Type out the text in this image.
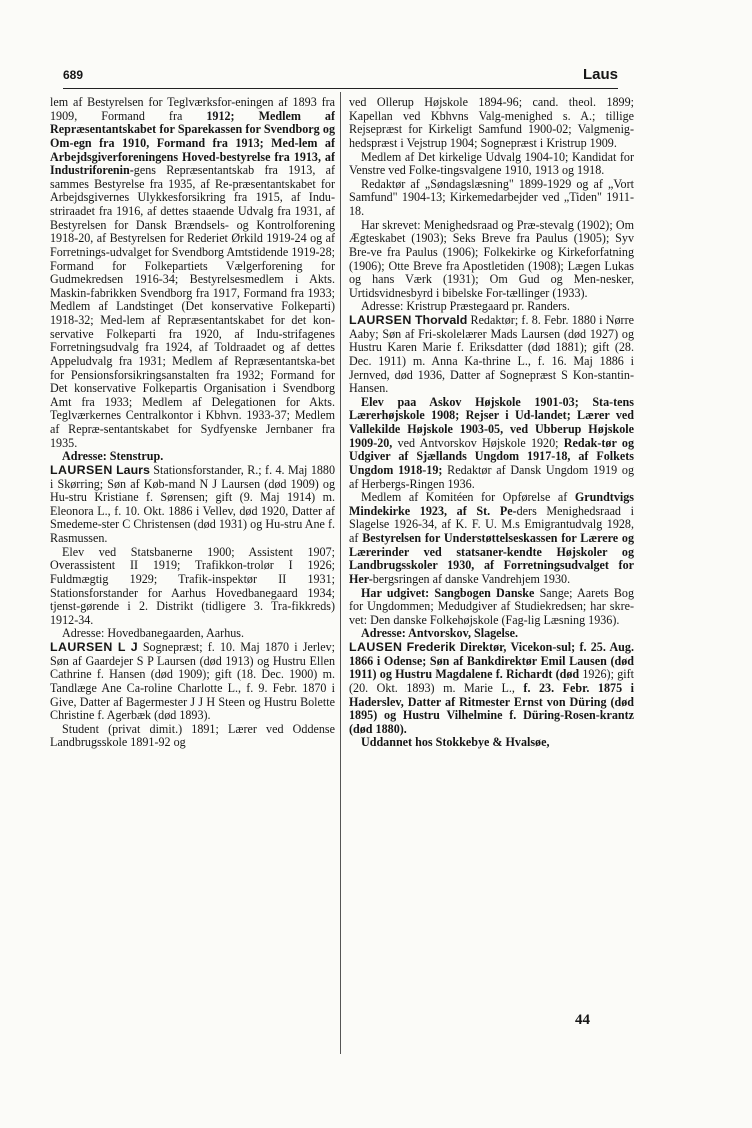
689	Laus

lem af Bestyrelsen for Teglværksfor-eningen af 1893 fra 1909, Formand fra 1912; Medlem af Repræsentantskabet for Sparekassen for Svendborg og Om-egn fra 1910, Formand fra 1913; Med-lem af Arbejdsgiverforeningens Hoved-bestyrelse fra 1913, af Industriforenin-gens Repræsentantskab fra 1913, af sammes Bestyrelse fra 1935, af Re-præsentantskabet for Arbejdsgivernes Ulykkesforsikring fra 1915, af Indu-striraadet fra 1916, af dettes staaende Udvalg fra 1931, af Bestyrelsen for Dansk Brændsels- og Kontrolforening 1918-20, af Bestyrelsen for Rederiet Ørkild 1919-24 og af Forretnings-udvalget for Svendborg Amtstidende 1919-28; Formand for Folkepartiets Vælgerforening for Gudmekredsen 1916-34; Bestyrelsesmedlem i Akts. Maskin-fabrikken Svendborg fra 1917, Formand fra 1933; Medlem af Landstinget (Det konservative Folkeparti) 1918-32; Med-lem af Repræsentantskabet for det kon-servative Folkeparti fra 1920, af Indu-strifagenes Forretningsudvalg fra 1924, af Toldraadet og af dettes Appeludvalg fra 1931; Medlem af Repræsentantska-bet for Pensionsforsikringsanstalten fra 1932; Formand for Det konservative Folkepartis Organisation i Svendborg Amt fra 1933; Medlem af Delegationen for Akts. Teglværkernes Centralkontor i Kbhvn. 1933-37; Medlem af Repræ-sentantskabet for Sydfyenske Jernbaner fra 1935.

Adresse: Stenstrup.

LAURSEN Laurs Stationsforstander, R.; f. 4. Maj 1880 i Skørring; Søn af Køb-mand N J Laursen (død 1909) og Hu-stru Kristiane f. Sørensen; gift (9. Maj 1914) m. Eleonora L., f. 10. Okt. 1886 i Vellev, død 1920, Datter af Smedeme-ster C Christensen (død 1931) og Hu-stru Ane f. Rasmussen.

Elev ved Statsbanerne 1900; Assistent 1907; Overassistent II 1919; Trafikkon-trolør I 1926; Fuldmægtig 1929; Trafik-inspektør II 1931; Stationsforstander for Aarhus Hovedbanegaard 1934; tjenst-gørende i 2. Distrikt (tidligere 3. Tra-fikkreds) 1912-34.

Adresse: Hovedbanegaarden, Aarhus.

LAURSEN L J Sognepræst; f. 10. Maj 1870 i Jerlev; Søn af Gaardejer S P Laursen (død 1913) og Hustru Ellen Cathrine f. Hansen (død 1909); gift (18. Dec. 1900) m. Tandlæge Ane Ca-roline Charlotte L., f. 9. Febr. 1870 i Give, Datter af Bagermester J J H Steen og Hustru Bolette Christine f. Agerbæk (død 1893).

Student (privat dimit.) 1891; Lærer ved Oddense Landbrugsskole 1891-92 og

ved Ollerup Højskole 1894-96; cand. theol. 1899; Kapellan ved Kbhvns Valg-menighed s. A.; tillige Rejsepræst for Kirkeligt Samfund 1900-02; Valgmenig-hedspræst i Vejstrup 1904; Sognepræst i Kristrup 1909.

Medlem af Det kirkelige Udvalg 1904-10; Kandidat for Venstre ved Folke-tingsvalgene 1910, 1913 og 1918.

Redaktør af „Søndagslæsning" 1899-1929 og af „Vort Samfund" 1904-13; Kirkemedarbejder ved „Tiden" 1911-18.

Har skrevet: Menighedsraad og Præ-stevalg (1902); Om Ægteskabet (1903); Seks Breve fra Paulus (1905); Syv Bre-ve fra Paulus (1906); Folkekirke og Kirkeforfatning (1906); Otte Breve fra Apostletiden (1908); Lægen Lukas og hans Værk (1931); Om Gud og Men-nesker, Urtidsvidnesbyrd i bibelske For-tællinger (1933).

Adresse: Kristrup Præstegaard pr. Randers.

LAURSEN Thorvald Redaktør; f. 8. Febr. 1880 i Nørre Aaby; Søn af Fri-skolelærer Mads Laursen (død 1927) og Hustru Karen Marie f. Eriksdatter (død 1881); gift (28. Dec. 1911) m. Anna Ka-thrine L., f. 16. Maj 1886 i Jernved, død 1936, Datter af Sognepræst S Kon-stantin-Hansen.

Elev paa Askov Højskole 1901-03; Sta-tens Lærerhøjskole 1908; Rejser i Ud-landet; Lærer ved Vallekilde Højskole 1903-05, ved Ubberup Højskole 1909-20, ved Antvorskov Højskole 1920; Redak-tør og Udgiver af Sjællands Ungdom 1917-18, af Folkets Ungdom 1918-19; Redaktør af Dansk Ungdom 1919 og af Herbergs-Ringen 1936.

Medlem af Komitéen for Opførelse af Grundtvigs Mindekirke 1923, af St. Pe-ders Menighedsraad i Slagelse 1926-34, af K. F. U. M.s Emigrantudvalg 1928, af Bestyrelsen for Understøttelseskassen for Lærere og Lærerinder ved statsaner-kendte Højskoler og Landbrugsskoler 1930, af Forretningsudvalget for Her-bergsringen af danske Vandrehjem 1930.

Har udgivet: Sangbogen Danske Sange; Aarets Bog for Ungdommen; Medudgiver af Studiekredsen; har skre-vet: Den danske Folkehøjskole (Fag-lig Læsning 1936).

Adresse: Antvorskov, Slagelse.

LAUSEN Frederik Direktør, Vicekon-sul; f. 25. Aug. 1866 i Odense; Søn af Bankdirektør Emil Lausen (død 1911) og Hustru Magdalene f. Richardt (død 1926); gift (20. Okt. 1893) m. Marie L., f. 23. Febr. 1875 i Haderslev, Datter af Ritmester Ernst von Düring (død 1895) og Hustru Vilhelmine f. Düring-Rosen-krantz (død 1880).

Uddannet hos Stokkebye & Hvalsøe,

44
